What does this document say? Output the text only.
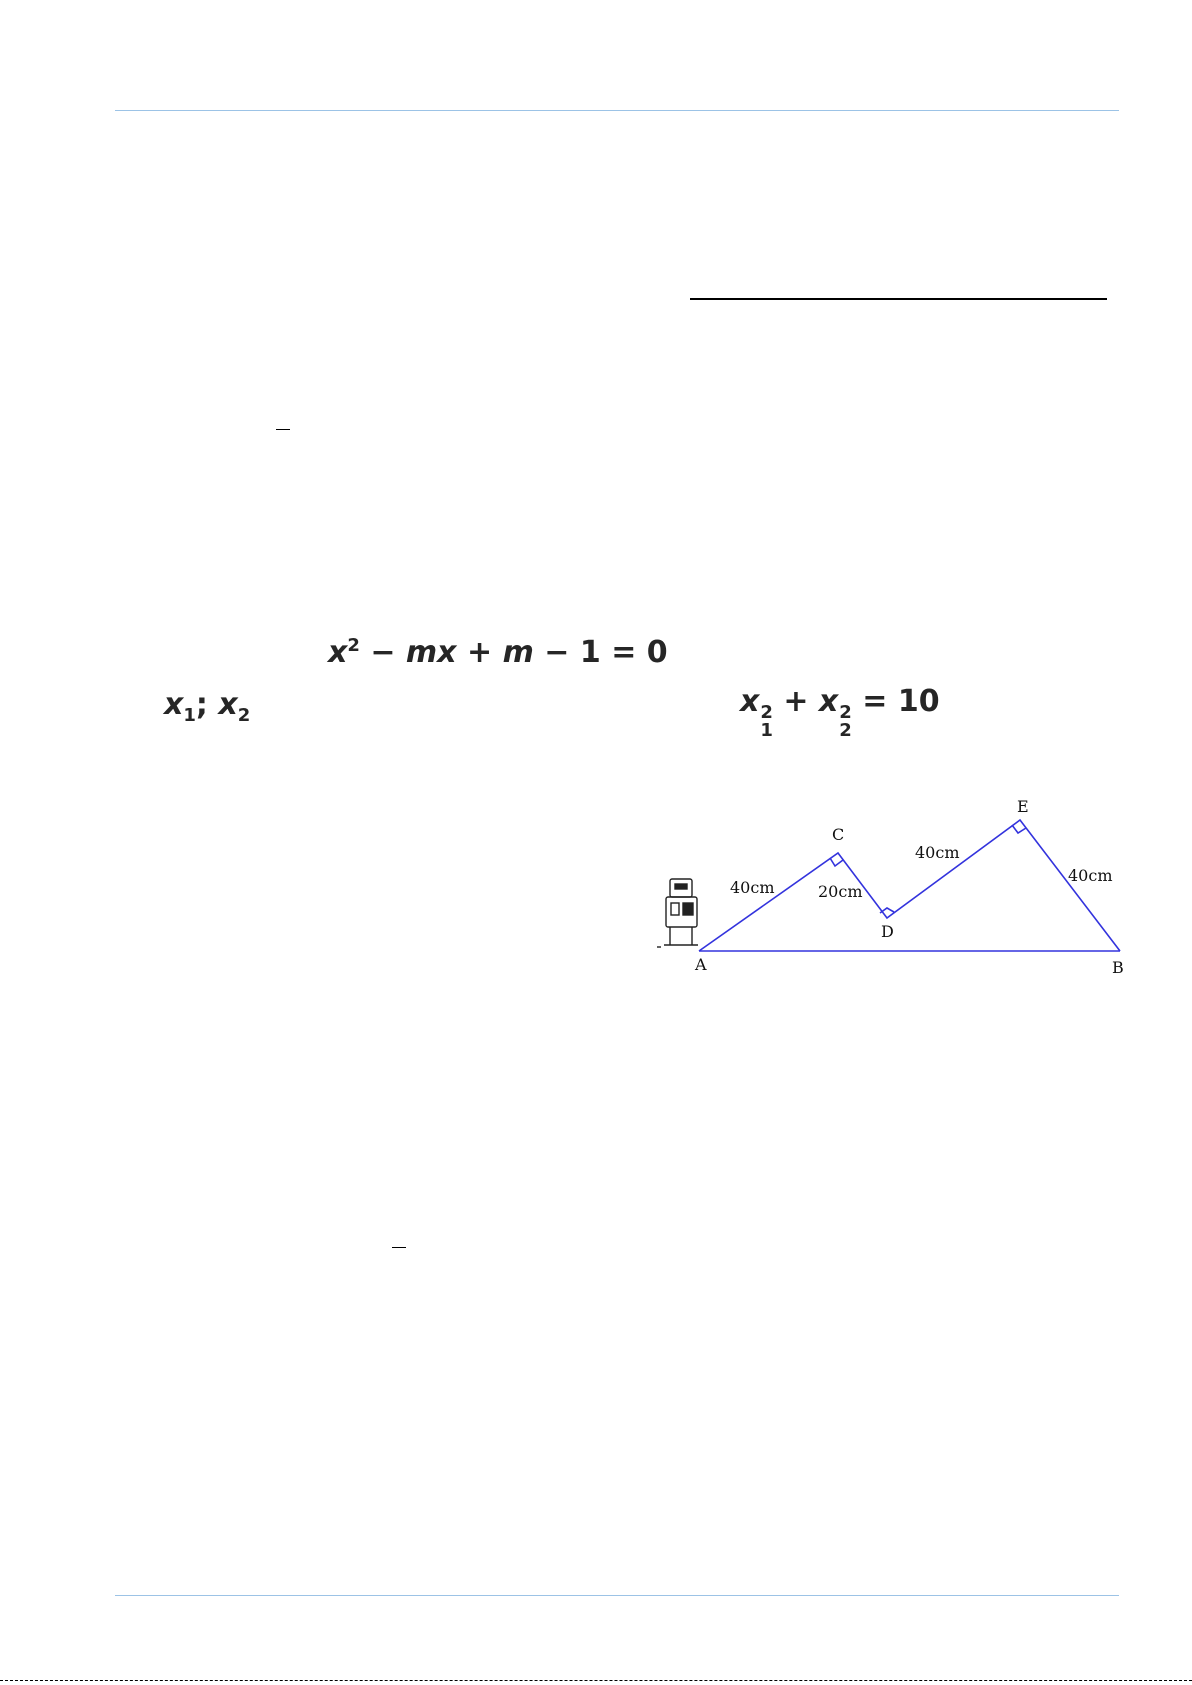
$x^2$ − mx + m − 1 = 0
$x_1$; $x_2$	x 2
1
+ x 2
2
= 10
A	B
C
D
E
40cm	20cm
40cm
40cm
